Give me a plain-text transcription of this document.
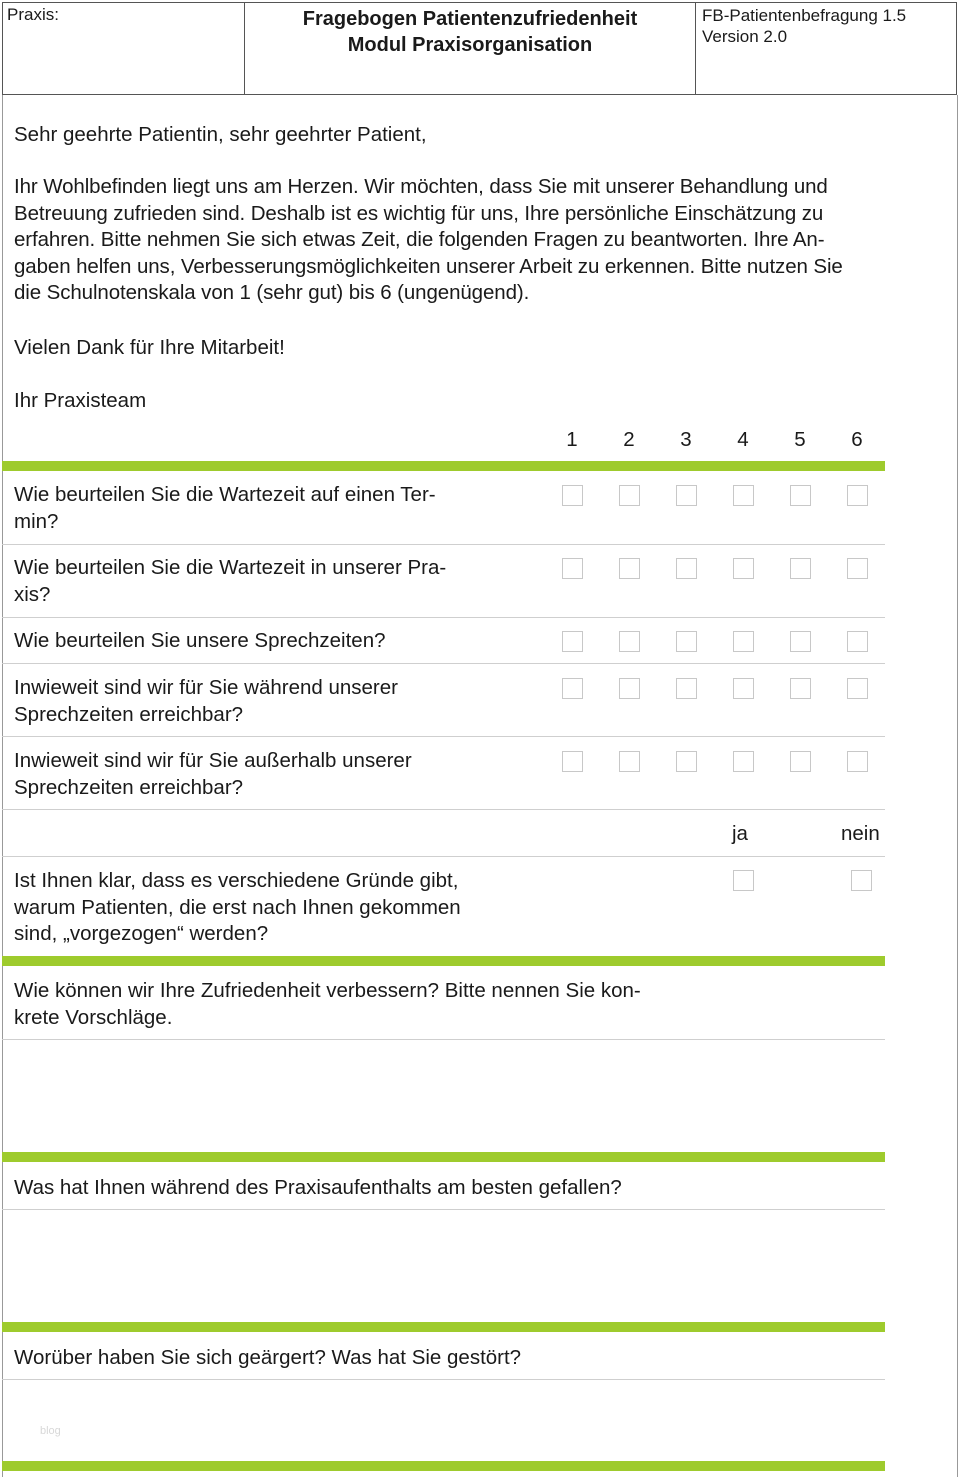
Praxis:	Fragebogen Patientenzufriedenheit
Modul Praxisorganisation
FB-Patientenbefragung 1.5
Version 2.0
Sehr geehrte Patientin, sehr geehrter Patient,
Ihr Wohlbefinden liegt uns am Herzen. Wir möchten, dass Sie mit unserer Behandlung und
Betreuung zufrieden sind. Deshalb ist es wichtig für uns, Ihre persönliche Einschätzung zu
erfahren. Bitte nehmen Sie sich etwas Zeit, die folgenden Fragen zu beantworten. Ihre An-
gaben helfen uns, Verbesserungsmöglichkeiten unserer Arbeit zu erkennen. Bitte nutzen Sie
die Schulnotenskala von 1 (sehr gut) bis 6 (ungenügend).
Vielen Dank für Ihre Mitarbeit!
Ihr Praxisteam
1	2	3	4	5	6
Wie beurteilen Sie die Wartezeit auf einen Ter-
min?
Wie beurteilen Sie die Wartezeit in unserer Pra-
xis?
Wie beurteilen Sie unsere Sprechzeiten?
Inwieweit sind wir für Sie während unserer
Sprechzeiten erreichbar?
Inwieweit sind wir für Sie außerhalb unserer
Sprechzeiten erreichbar?
ja	nein
Ist Ihnen klar, dass es verschiedene Gründe gibt,
warum Patienten, die erst nach Ihnen gekommen
sind, „vorgezogen“ werden?
Wie können wir Ihre Zufriedenheit verbessern? Bitte nennen Sie kon-
krete Vorschläge.
Was hat Ihnen während des Praxisaufenthalts am besten gefallen?
Worüber haben Sie sich geärgert? Was hat Sie gestört?
blog
